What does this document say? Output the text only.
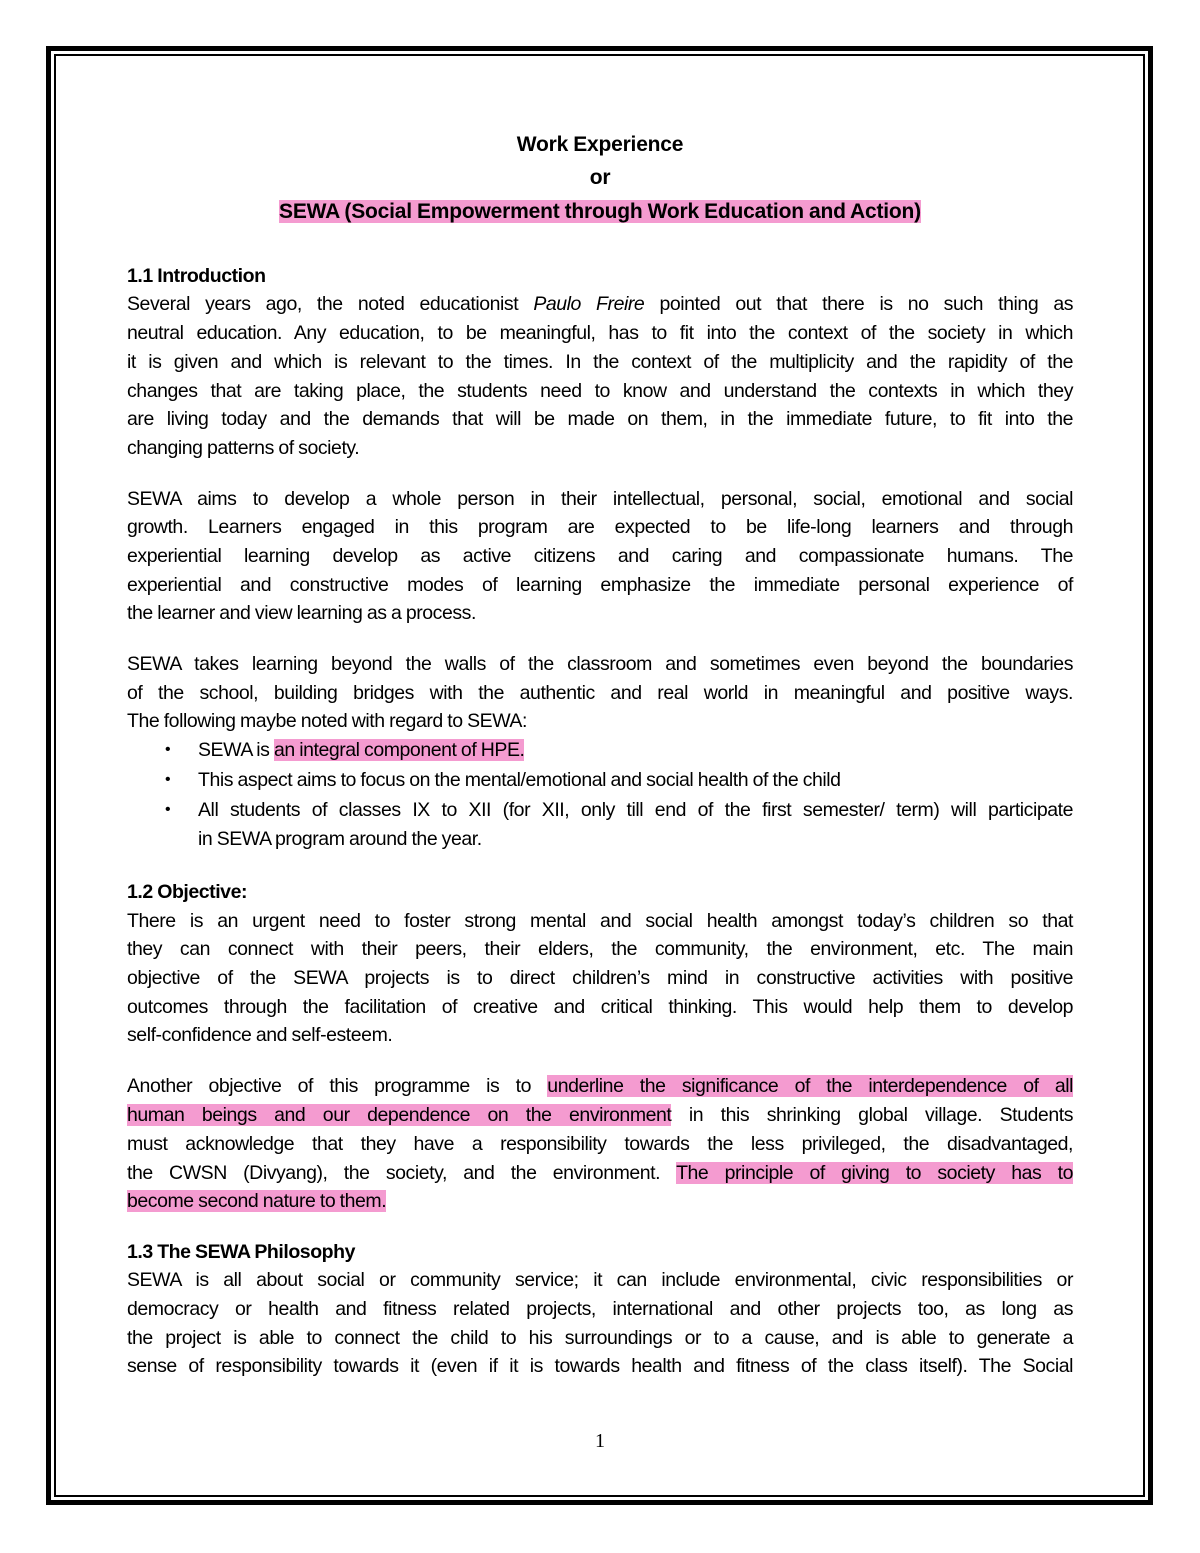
Work Experience
or
SEWA (Social Empowerment through Work Education and Action)
1.1 Introduction
Several years ago, the noted educationist Paulo Freire pointed out that there is no such thing as
neutral education. Any education, to be meaningful, has to fit into the context of the society in which
it is given and which is relevant to the times. In the context of the multiplicity and the rapidity of the
changes that are taking place, the students need to know and understand the contexts in which they
are living today and the demands that will be made on them, in the immediate future, to fit into the
changing patterns of society.
SEWA aims to develop a whole person in their intellectual, personal, social, emotional and social
growth. Learners engaged in this program are expected to be life-long learners and through
experiential learning develop as active citizens and caring and compassionate humans. The
experiential and constructive modes of learning emphasize the immediate personal experience of
the learner and view learning as a process.
SEWA takes learning beyond the walls of the classroom and sometimes even beyond the boundaries
of the school, building bridges with the authentic and real world in meaningful and positive ways.
The following maybe noted with regard to SEWA:
• SEWA is an integral component of HPE.
• This aspect aims to focus on the mental/emotional and social health of the child
• All students of classes IX to XII (for XII, only till end of the first semester/ term) will participate
in SEWA program around the year.
1.2 Objective:
There is an urgent need to foster strong mental and social health amongst today’s children so that
they can connect with their peers, their elders, the community, the environment, etc. The main
objective of the SEWA projects is to direct children’s mind in constructive activities with positive
outcomes through the facilitation of creative and critical thinking. This would help them to develop
self-confidence and self-esteem.
Another objective of this programme is to underline the significance of the interdependence of all
human beings and our dependence on the environment in this shrinking global village. Students
must acknowledge that they have a responsibility towards the less privileged, the disadvantaged,
the CWSN (Divyang), the society, and the environment. The principle of giving to society has to
become second nature to them.
1.3 The SEWA Philosophy
SEWA is all about social or community service; it can include environmental, civic responsibilities or
democracy or health and fitness related projects, international and other projects too, as long as
the project is able to connect the child to his surroundings or to a cause, and is able to generate a
sense of responsibility towards it (even if it is towards health and fitness of the class itself). The Social
1
